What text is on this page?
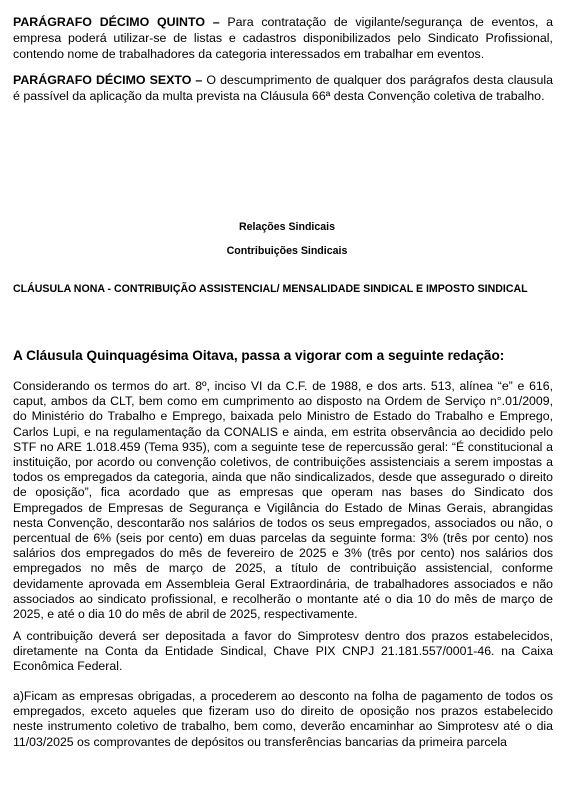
PARÁGRAFO DÉCIMO QUINTO – Para contratação de vigilante/segurança de eventos, a empresa poderá utilizar-se de listas e cadastros disponibilizados pelo Sindicato Profissional, contendo nome de trabalhadores da categoria interessados em trabalhar em eventos.

PARÁGRAFO DÉCIMO SEXTO – O descumprimento de qualquer dos parágrafos desta clausula é passível da aplicação da multa prevista na Cláusula 66ª desta Convenção coletiva de trabalho.

Relações Sindicais

Contribuições Sindicais

CLÁUSULA NONA - CONTRIBUIÇÃO ASSISTENCIAL/ MENSALIDADE SINDICAL E IMPOSTO SINDICAL

A Cláusula Quinquagésima Oitava, passa a vigorar com a seguinte redação:

Considerando os termos do art. 8º, inciso VI da C.F. de 1988, e dos arts. 513, alínea “e” e 616, caput, ambos da CLT, bem como em cumprimento ao disposto na Ordem de Serviço n°.01/2009, do Ministério do Trabalho e Emprego, baixada pelo Ministro de Estado do Trabalho e Emprego, Carlos Lupi, e na regulamentação da CONALIS e ainda, em estrita observância ao decidido pelo STF no ARE 1.018.459 (Tema 935), com a seguinte tese de repercussão geral: “É constitucional a instituição, por acordo ou convenção coletivos, de contribuições assistenciais a serem impostas a todos os empregados da categoria, ainda que não sindicalizados, desde que assegurado o direito de oposição”, fica acordado que as empresas que operam nas bases do Sindicato dos Empregados de Empresas de Segurança e Vigilância do Estado de Minas Gerais, abrangidas nesta Convenção, descontarão nos salários de todos os seus empregados, associados ou não, o percentual de 6% (seis por cento) em duas parcelas da seguinte forma: 3% (três por cento) nos salários dos empregados do mês de fevereiro de 2025 e 3% (três por cento) nos salários dos empregados no mês de março de 2025, a título de contribuição assistencial, conforme devidamente aprovada em Assembleia Geral Extraordinária, de trabalhadores associados e não associados ao sindicato profissional, e recolherão o montante até o dia 10 do mês de março de 2025, e até o dia 10 do mês de abril de 2025, respectivamente.

A contribuição deverá ser depositada a favor do Simprotesv dentro dos prazos estabelecidos, diretamente na Conta da Entidade Sindical, Chave PIX CNPJ 21.181.557/0001-46. na Caixa Econômica Federal.

a)Ficam as empresas obrigadas, a procederem ao desconto na folha de pagamento de todos os empregados, exceto aqueles que fizeram uso do direito de oposição nos prazos estabelecido neste instrumento coletivo de trabalho, bem como, deverão encaminhar ao Simprotesv até o dia 11/03/2025 os comprovantes de depósitos ou transferências bancarias da primeira parcela
